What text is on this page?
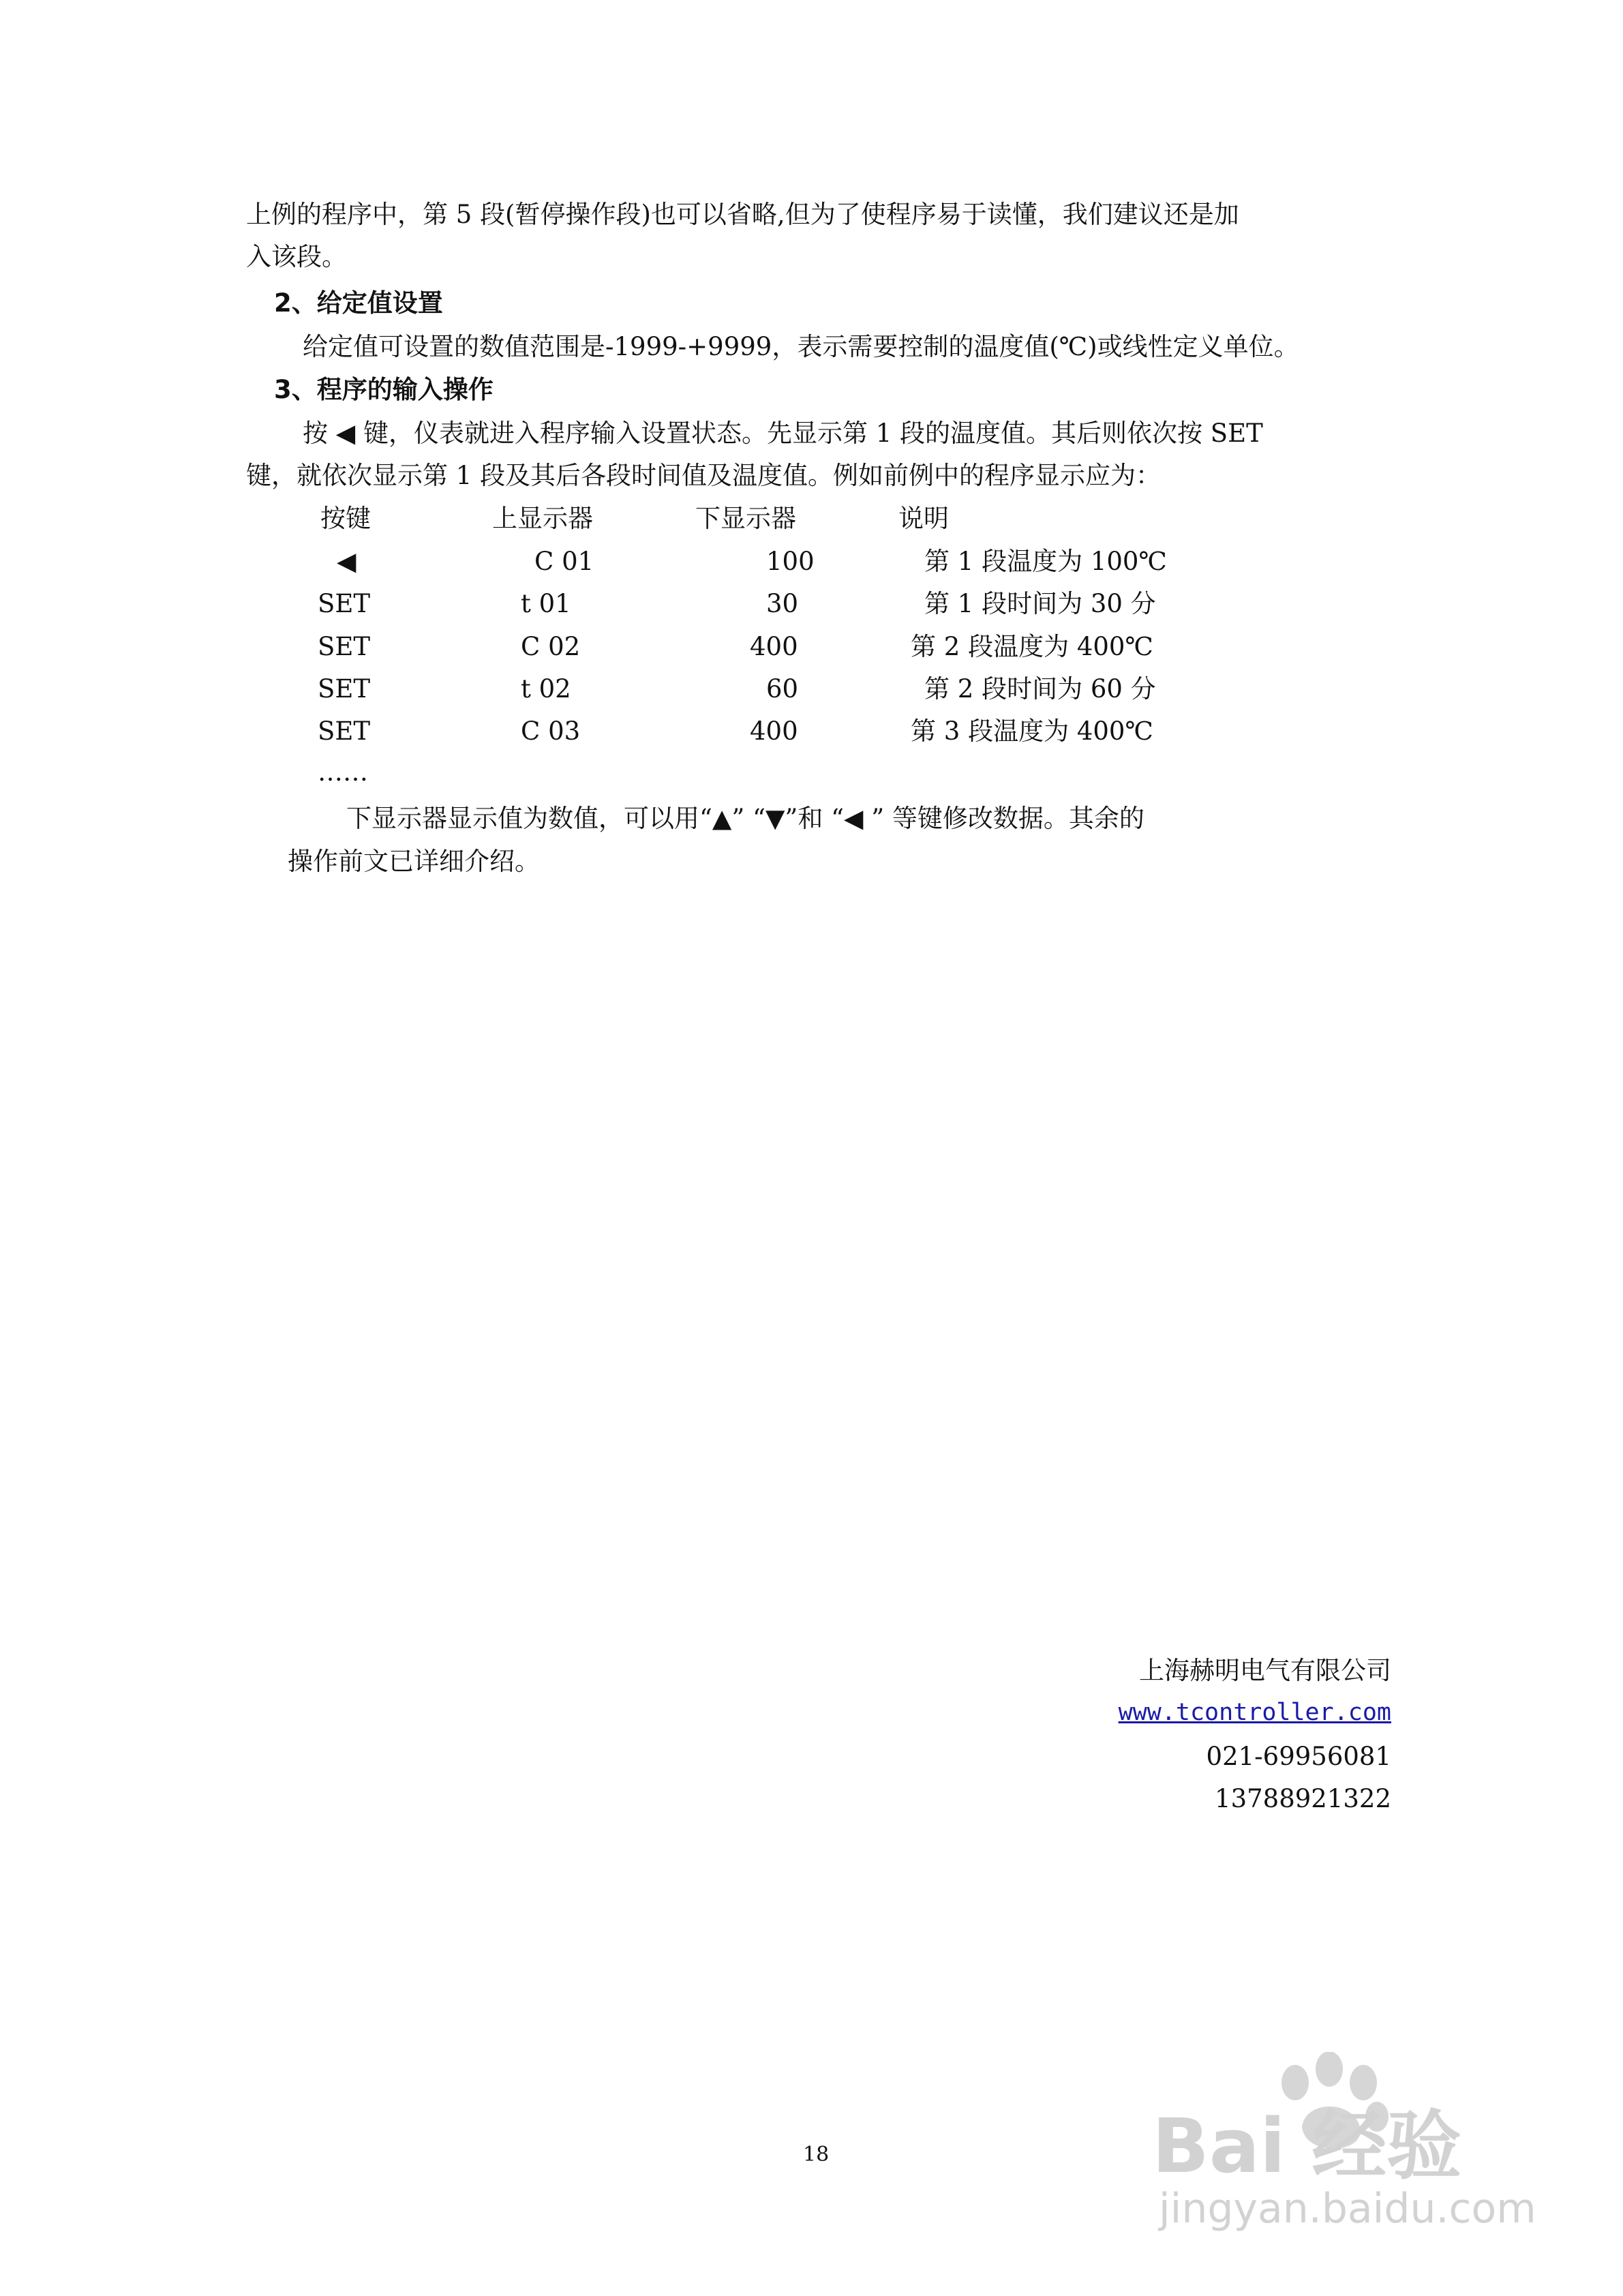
上例的程序中，第 5 段(暂停操作段)也可以省略,但为了使程序易于读懂，我们建议还是加
入该段。
2、给定值设置
给定值可设置的数值范围是-1999-+9999，表示需要控制的温度值(℃)或线性定义单位。
3、程序的输入操作
按 ◀ 键，仪表就进入程序输入设置状态。先显示第 1 段的温度值。其后则依次按 SET
键，就依次显示第 1 段及其后各段时间值及温度值。例如前例中的程序显示应为：
按键	上显示器	下显示器	说明
◀	C 01	100	第 1 段温度为 100℃
SET	t 01	30	第 1 段时间为 30 分
SET	C 02	400	第 2 段温度为 400℃
SET	t 02	60	第 2 段时间为 60 分
SET	C 03	400	第 3 段温度为 400℃
……
下显示器显示值为数值，可以用“▲” “▼”和 “◀ ” 等键修改数据。其余的
操作前文已详细介绍。
上海赫明电气有限公司
www.tcontroller.com
021-69956081
13788921322
18	Bai 经验
jingyan.baidu.com
